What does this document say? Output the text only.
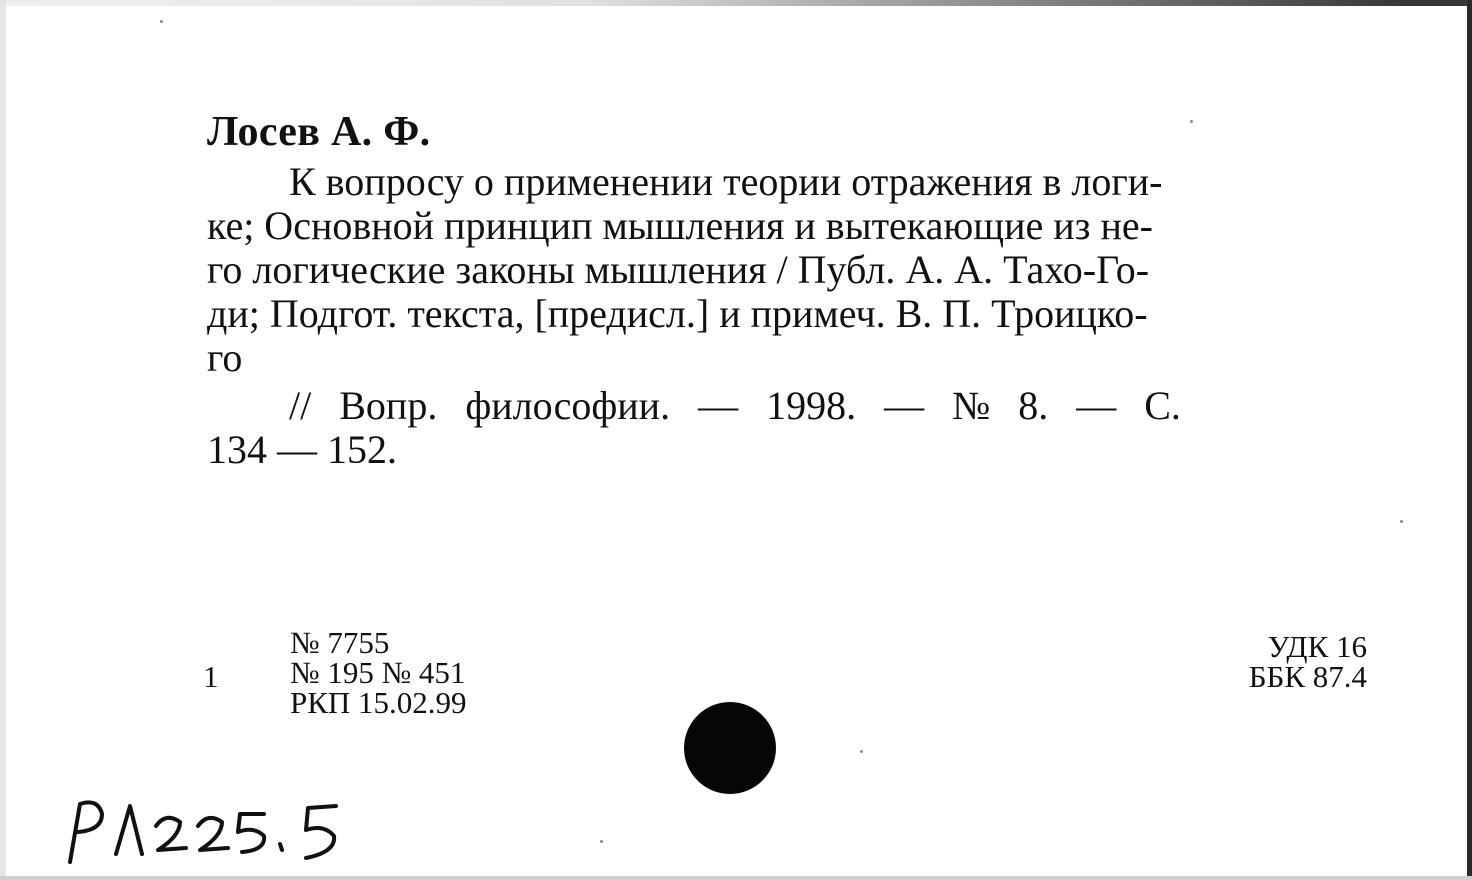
Лосев А. Ф.
К вопросу о применении теории отражения в логи-
ке; Основной принцип мышления и вытекающие из не-
го логические законы мышления / Публ. А. А. Тахо-Го-
ди; Подгот. текста, [предисл.] и примеч. В. П. Троицко-
го
// Вопр. философии. — 1998. — № 8. — С.
134 — 152.
1
№ 7755
№ 195 № 451
РКП 15.02.99
УДК 16
ББК 87.4
